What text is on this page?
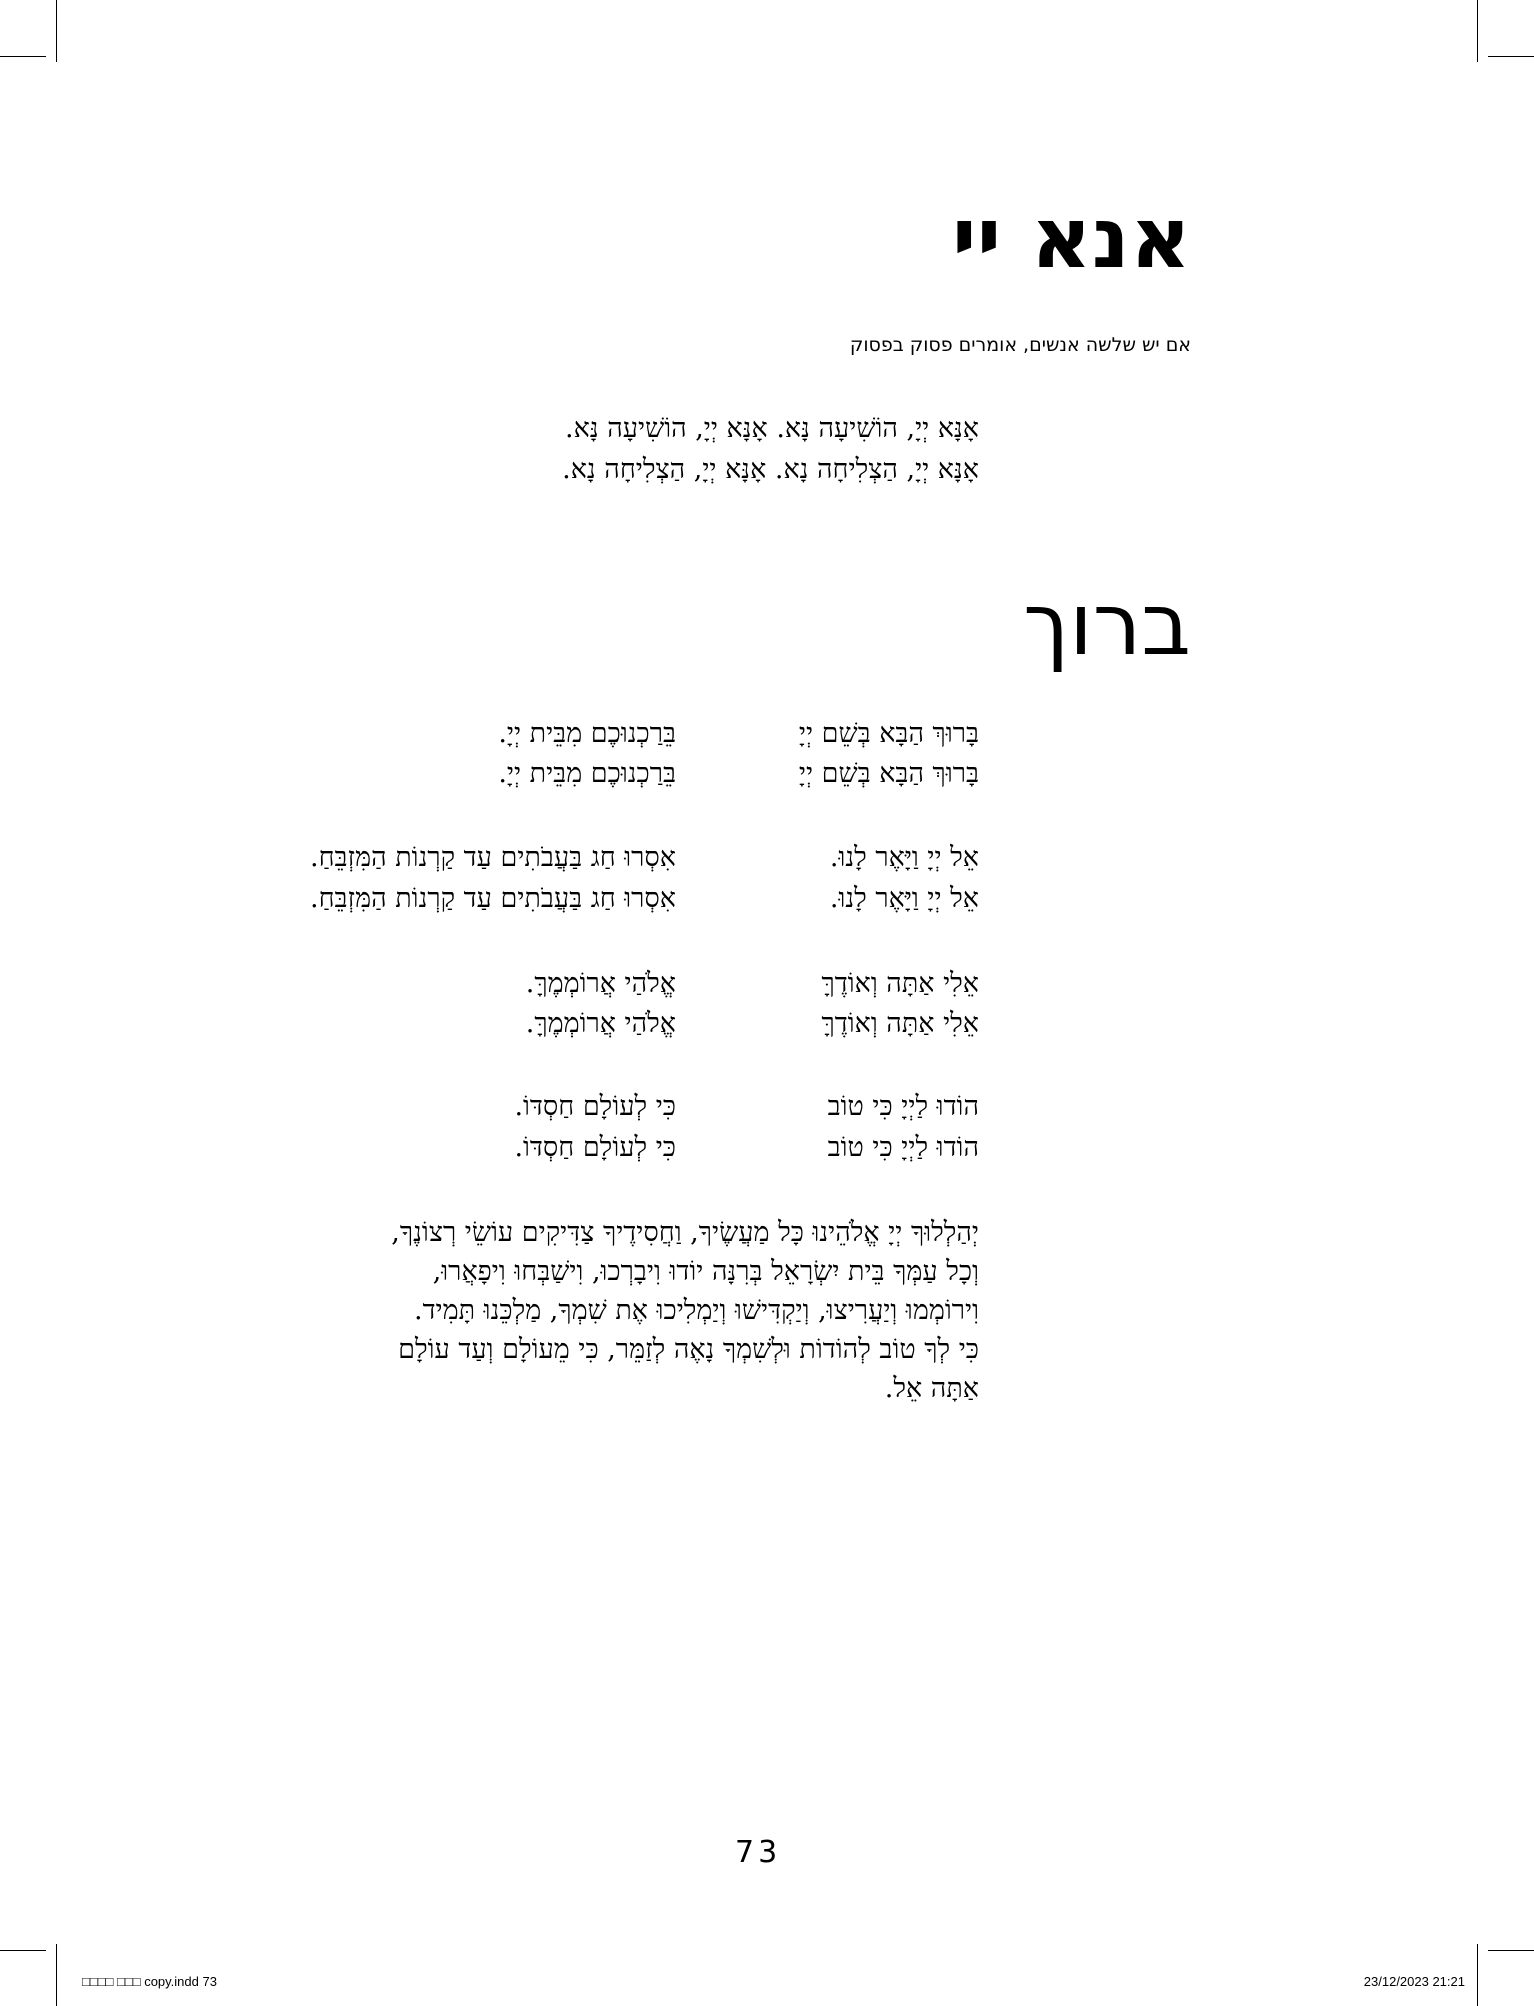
אנא יי
אם יש שלשה אנשים, אומרים פסוק בפסוק
אָנָּא יְיָ, הוֹשִׁיעָה נָּא. אָנָּא יְיָ, הוֹשִׁיעָה נָּא.
אָנָּא יְיָ, הַצְלִיחָה נָא. אָנָּא יְיָ, הַצְלִיחָה נָא.
ברוך
בָּרוּךְ הַבָּא בְּשֵׁם יְיָ
בֵּרַכְנוּכֶם מִבֵּית יְיָ.
בָּרוּךְ הַבָּא בְּשֵׁם יְיָ
בֵּרַכְנוּכֶם מִבֵּית יְיָ.
אֵל יְיָ וַיָּאֶר לָנוּ.
אִסְרוּ חַג בַּעֲבֹתִים עַד קַרְנוֹת הַמִּזְבֵּחַ.
אֵל יְיָ וַיָּאֶר לָנוּ.
אִסְרוּ חַג בַּעֲבֹתִים עַד קַרְנוֹת הַמִּזְבֵּחַ.
אֵלִי אַתָּה וְאוֹדֶךָּ
אֱלֹהַי אֲרוֹמְמֶךָּ.
אֵלִי אַתָּה וְאוֹדֶךָּ
אֱלֹהַי אֲרוֹמְמֶךָּ.
הוֹדוּ לַיְיָ כִּי טוֹב
כִּי לְעוֹלָם חַסְדּוֹ.
הוֹדוּ לַיְיָ כִּי טוֹב
כִּי לְעוֹלָם חַסְדּוֹ.
יְהַלְלוּךָ יְיָ אֱלֹהֵינוּ כָּל מַעֲשֶׂיךָ, וַחֲסִידֶיךָ צַדִּיקִים עוֹשֵׂי רְצוֹנֶךָ,
וְכָל עַמְּךָ בֵּית יִשְׂרָאֵל בְּרִנָּה יוֹדוּ וִיבָרְכוּ, וִישַׁבְּחוּ וִיפָאֲרוּ,
וִירוֹמְמוּ וְיַעֲרִיצוּ, וְיַקְדִּישׁוּ וְיַמְלִיכוּ אֶת שִׁמְךָ, מַלְכֵּנוּ תָּמִיד.
כִּי לְךָ טוֹב לְהוֹדוֹת וּלְשִׁמְךָ נָאֶה לְזַמֵּר, כִּי מֵעוֹלָם וְעַד עוֹלָם
אַתָּה אֵל.
73
□□□□ □□□ copy.indd 73	23/12/2023 21:21
